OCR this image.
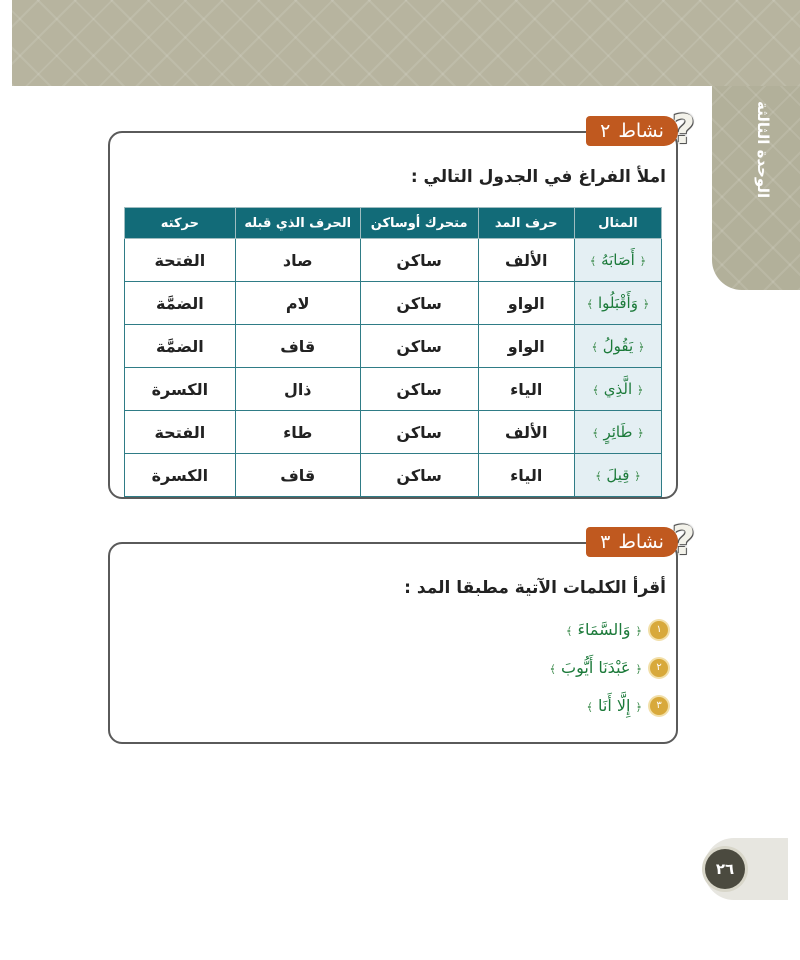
الوحدة الثالثة
املأ الفراغ في الجدول التالي :
المثال	حرف المد	متحرك أوساكن	الحرف الذي قبله	حركته
﴿ أَصَابَهُ ﴾	الألف	ساكن	صاد	الفتحة
﴿ وَأَقْبَلُوا ﴾	الواو	ساكن	لام	الضمَّة
﴿ يَقُولُ ﴾	الواو	ساكن	قاف	الضمَّة
﴿ الَّذِي ﴾	الياء	ساكن	ذال	الكسرة
﴿ طَائِرٍ ﴾	الألف	ساكن	طاء	الفتحة
﴿ قِيلَ ﴾	الياء	ساكن	قاف	الكسرة
نشاط
٢ ?
أقرأ الكلمات الآتية مطبقا المد :
١
﴿ وَالسَّمَاءَ ﴾
٢
﴿ عَبْدَنَا أَيُّوبَ ﴾
٣
﴿ إِلَّا أَنَا ﴾
نشاط
٣ ?
٢٦
